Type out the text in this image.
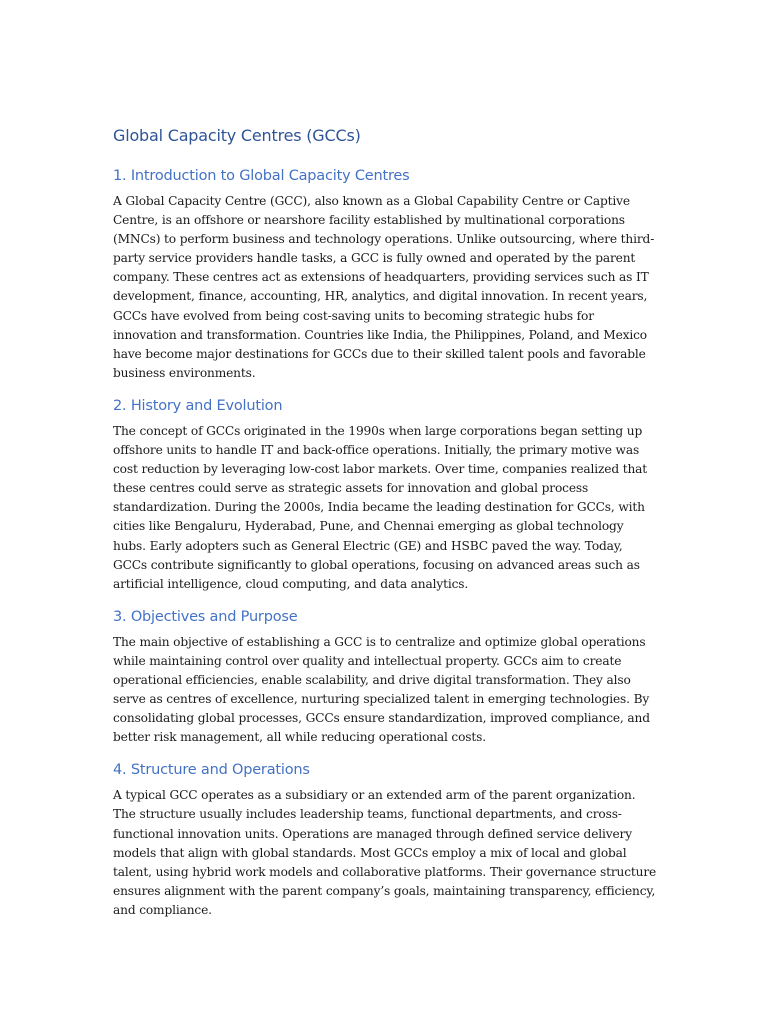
Global Capacity Centres (GCCs)
1. Introduction to Global Capacity Centres

A Global Capacity Centre (GCC), also known as a Global Capability Centre or Captive Centre, is an offshore or nearshore facility established by multinational corporations (MNCs) to perform business and technology operations. Unlike outsourcing, where third-party service providers handle tasks, a GCC is fully owned and operated by the parent company. These centres act as extensions of headquarters, providing services such as IT development, finance, accounting, HR, analytics, and digital innovation. In recent years, GCCs have evolved from being cost-saving units to becoming strategic hubs for innovation and transformation. Countries like India, the Philippines, Poland, and Mexico have become major destinations for GCCs due to their skilled talent pools and favorable business environments.

2. History and Evolution

The concept of GCCs originated in the 1990s when large corporations began setting up offshore units to handle IT and back-office operations. Initially, the primary motive was cost reduction by leveraging low-cost labor markets. Over time, companies realized that these centres could serve as strategic assets for innovation and global process standardization. During the 2000s, India became the leading destination for GCCs, with cities like Bengaluru, Hyderabad, Pune, and Chennai emerging as global technology hubs. Early adopters such as General Electric (GE) and HSBC paved the way. Today, GCCs contribute significantly to global operations, focusing on advanced areas such as artificial intelligence, cloud computing, and data analytics.

3. Objectives and Purpose

The main objective of establishing a GCC is to centralize and optimize global operations while maintaining control over quality and intellectual property. GCCs aim to create operational efficiencies, enable scalability, and drive digital transformation. They also serve as centres of excellence, nurturing specialized talent in emerging technologies. By consolidating global processes, GCCs ensure standardization, improved compliance, and better risk management, all while reducing operational costs.

4. Structure and Operations

A typical GCC operates as a subsidiary or an extended arm of the parent organization. The structure usually includes leadership teams, functional departments, and cross-functional innovation units. Operations are managed through defined service delivery models that align with global standards. Most GCCs employ a mix of local and global talent, using hybrid work models and collaborative platforms. Their governance structure ensures alignment with the parent company’s goals, maintaining transparency, efficiency, and compliance.
